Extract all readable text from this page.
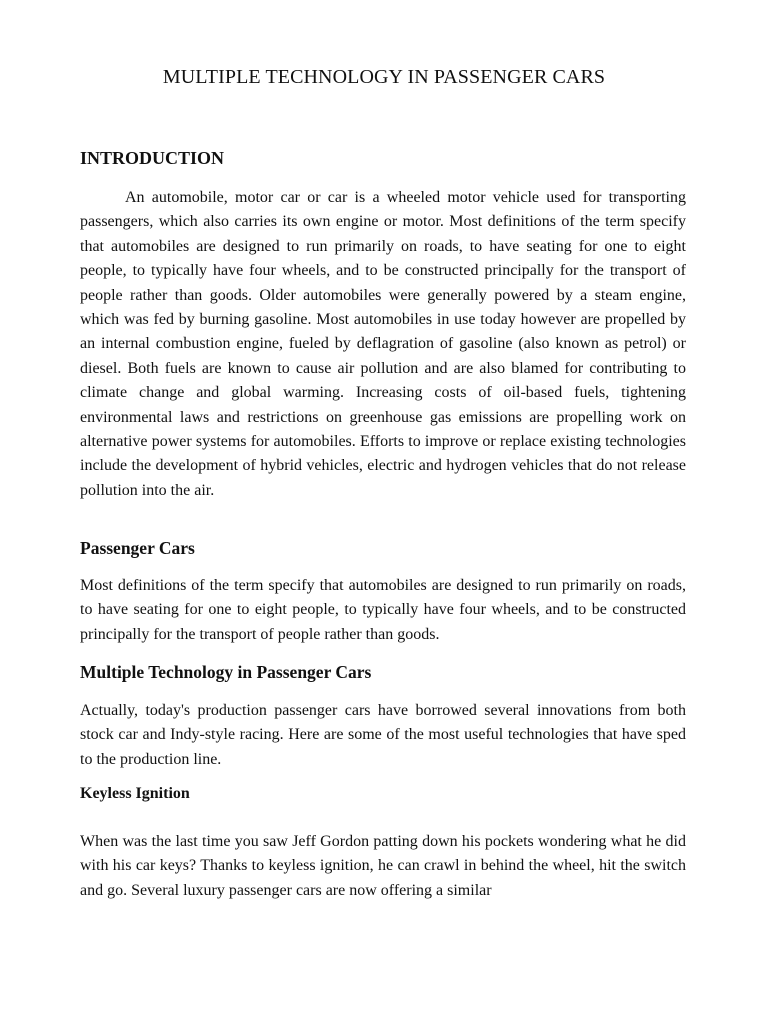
MULTIPLE TECHNOLOGY IN PASSENGER CARS
INTRODUCTION

An automobile, motor car or car is a wheeled motor vehicle used for transporting passengers, which also carries its own engine or motor. Most definitions of the term specify that automobiles are designed to run primarily on roads, to have seating for one to eight people, to typically have four wheels, and to be constructed principally for the transport of people rather than goods. Older automobiles were generally powered by a steam engine, which was fed by burning gasoline. Most automobiles in use today however are propelled by an internal combustion engine, fueled by deflagration of gasoline (also known as petrol) or diesel. Both fuels are known to cause air pollution and are also blamed for contributing to climate change and global warming. Increasing costs of oil-based fuels, tightening environmental laws and restrictions on greenhouse gas emissions are propelling work on alternative power systems for automobiles. Efforts to improve or replace existing technologies include the development of hybrid vehicles, electric and hydrogen vehicles that do not release pollution into the air.

Passenger Cars

Most definitions of the term specify that automobiles are designed to run primarily on roads, to have seating for one to eight people, to typically have four wheels, and to be constructed principally for the transport of people rather than goods.

Multiple Technology in Passenger Cars

Actually, today's production passenger cars have borrowed several innovations from both stock car and Indy-style racing. Here are some of the most useful technologies that have sped to the production line.

Keyless Ignition

When was the last time you saw Jeff Gordon patting down his pockets wondering what he did with his car keys? Thanks to keyless ignition, he can crawl in behind the wheel, hit the switch and go. Several luxury passenger cars are now offering a similar
